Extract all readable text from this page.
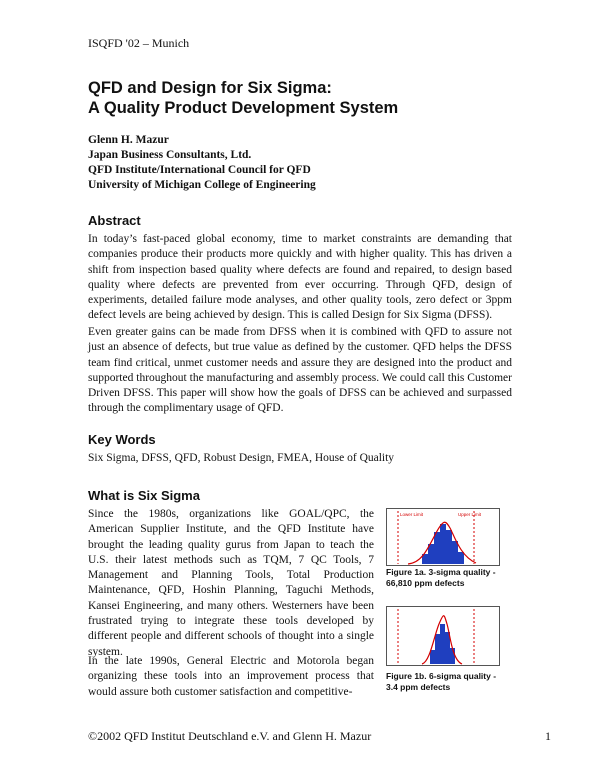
ISQFD '02 – Munich
QFD and Design for Six Sigma:
A Quality Product Development System
Glenn H. Mazur
Japan Business Consultants, Ltd.
QFD Institute/International Council for QFD
University of Michigan College of Engineering
Abstract
In today’s fast-paced global economy, time to market constraints are demanding that companies produce their products more quickly and with higher quality. This has driven a shift from inspection based quality where defects are found and repaired, to design based quality where defects are prevented from ever occurring. Through QFD, design of experiments, detailed failure mode analyses, and other quality tools, zero defect or 3ppm defect levels are being achieved by design. This is called Design for Six Sigma (DFSS).
Even greater gains can be made from DFSS when it is combined with QFD to assure not just an absence of defects, but true value as defined by the customer. QFD helps the DFSS team find critical, unmet customer needs and assure they are designed into the product and supported throughout the manufacturing and assembly process. We could call this Customer Driven DFSS. This paper will show how the goals of DFSS can be achieved and surpassed through the complimentary usage of QFD.
Key Words
Six Sigma, DFSS, QFD, Robust Design, FMEA, House of Quality
What is Six Sigma
Since the 1980s, organizations like GOAL/QPC, the American Supplier Institute, and the QFD Institute have brought the leading quality gurus from Japan to teach the U.S. their latest methods such as TQM, 7 QC Tools, 7 Management and Planning Tools, Total Production Maintenance, QFD, Hoshin Planning, Taguchi Methods, Kansei Engineering, and many others. Westerners have been frustrated trying to integrate these tools developed by different people and different schools of thought into a single system.
In the late 1990s, General Electric and Motorola began organizing these tools into an improvement process that would assure both customer satisfaction and competitive-
Lower Limit	Upper Limit
Figure 1a. 3-sigma quality - 66,810 ppm defects
Figure 1b. 6-sigma quality - 3.4 ppm defects
©2002 QFD Institut Deutschland e.V. and Glenn H. Mazur	1
